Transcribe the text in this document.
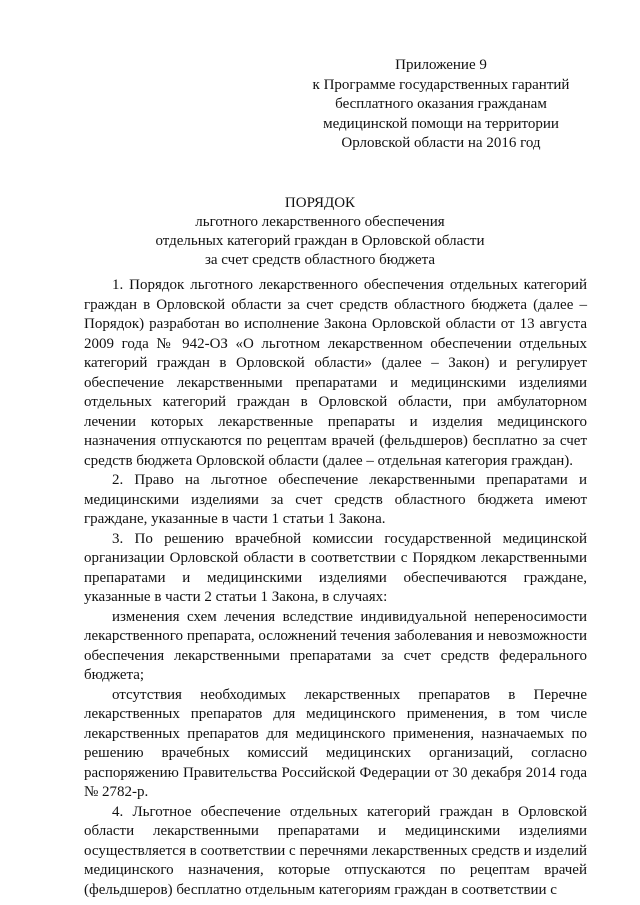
Приложение 9
к Программе государственных гарантий
бесплатного оказания гражданам
медицинской помощи на территории
Орловской области на 2016 год
ПОРЯДОК
льготного лекарственного обеспечения
отдельных категорий граждан в Орловской области
за счет средств областного бюджета

1. Порядок льготного лекарственного обеспечения отдельных категорий граждан в Орловской области за счет средств областного бюджета (далее – Порядок) разработан во исполнение Закона Орловской области от 13 августа 2009 года № 942-ОЗ «О льготном лекарственном обеспечении отдельных категорий граждан в Орловской области» (далее – Закон) и регулирует обеспечение лекарственными препаратами и медицинскими изделиями отдельных категорий граждан в Орловской области, при амбулаторном лечении которых лекарственные препараты и изделия медицинского назначения отпускаются по рецептам врачей (фельдшеров) бесплатно за счет средств бюджета Орловской области (далее – отдельная категория граждан).

2. Право на льготное обеспечение лекарственными препаратами и медицинскими изделиями за счет средств областного бюджета имеют граждане, указанные в части 1 статьи 1 Закона.

3. По решению врачебной комиссии государственной медицинской организации Орловской области в соответствии с Порядком лекарственными препаратами и медицинскими изделиями обеспечиваются граждане, указанные в части 2 статьи 1 Закона, в случаях:

изменения схем лечения вследствие индивидуальной непереносимости лекарственного препарата, осложнений течения заболевания и невозможности обеспечения лекарственными препаратами за счет средств федерального бюджета;

отсутствия необходимых лекарственных препаратов в Перечне лекарственных препаратов для медицинского применения, в том числе лекарственных препаратов для медицинского применения, назначаемых по решению врачебных комиссий медицинских организаций, согласно распоряжению Правительства Российской Федерации от 30 декабря 2014 года № 2782-р.

4. Льготное обеспечение отдельных категорий граждан в Орловской области лекарственными препаратами и медицинскими изделиями осуществляется в соответствии с перечнями лекарственных средств и изделий медицинского назначения, которые отпускаются по рецептам врачей (фельдшеров) бесплатно отдельным категориям граждан в соответствии с
